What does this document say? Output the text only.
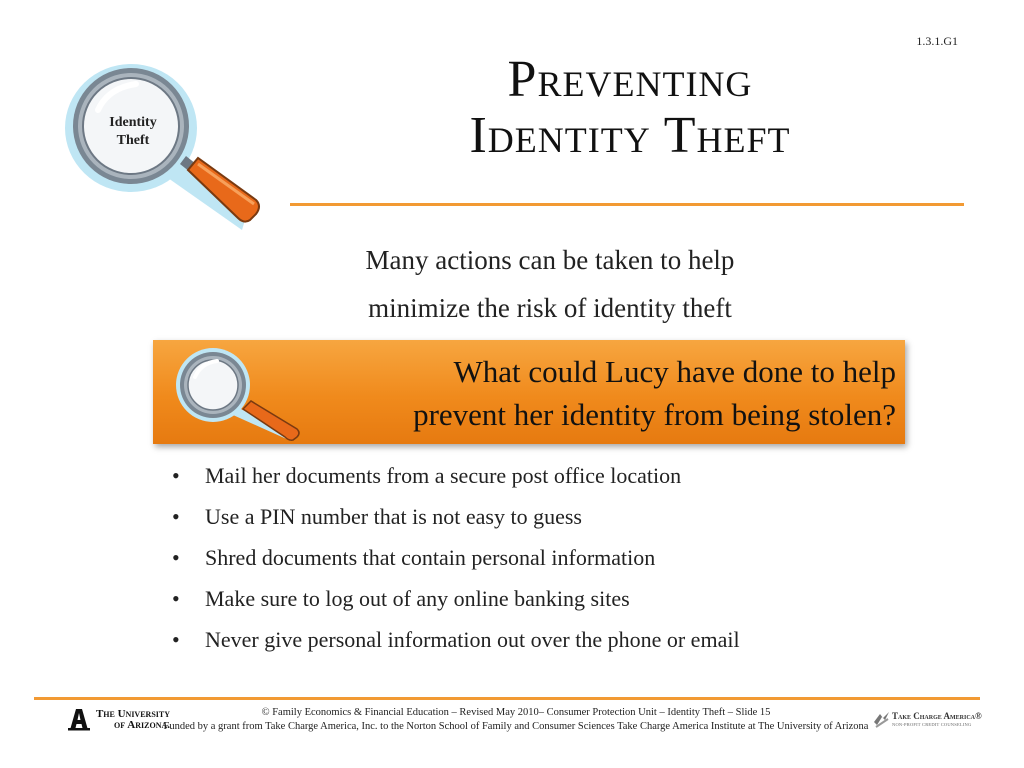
1.3.1.G1
Identity
Theft
Preventing
Identity Theft
Many actions can be taken to help
minimize the risk of identity theft
What could Lucy have done to help
prevent her identity from being stolen?
• Mail her documents from a secure post office location
• Use a PIN number that is not easy to guess
• Shred documents that contain personal information
• Make sure to log out of any online banking sites
• Never give personal information out over the phone or email
The University
of Arizona.
© Family Economics & Financial Education – Revised May 2010– Consumer Protection Unit – Identity Theft – Slide 15
Funded by a grant from Take Charge America, Inc. to the Norton School of Family and Consumer Sciences Take Charge America Institute at The University of Arizona
Take Charge America®
NON-PROFIT CREDIT COUNSELING
